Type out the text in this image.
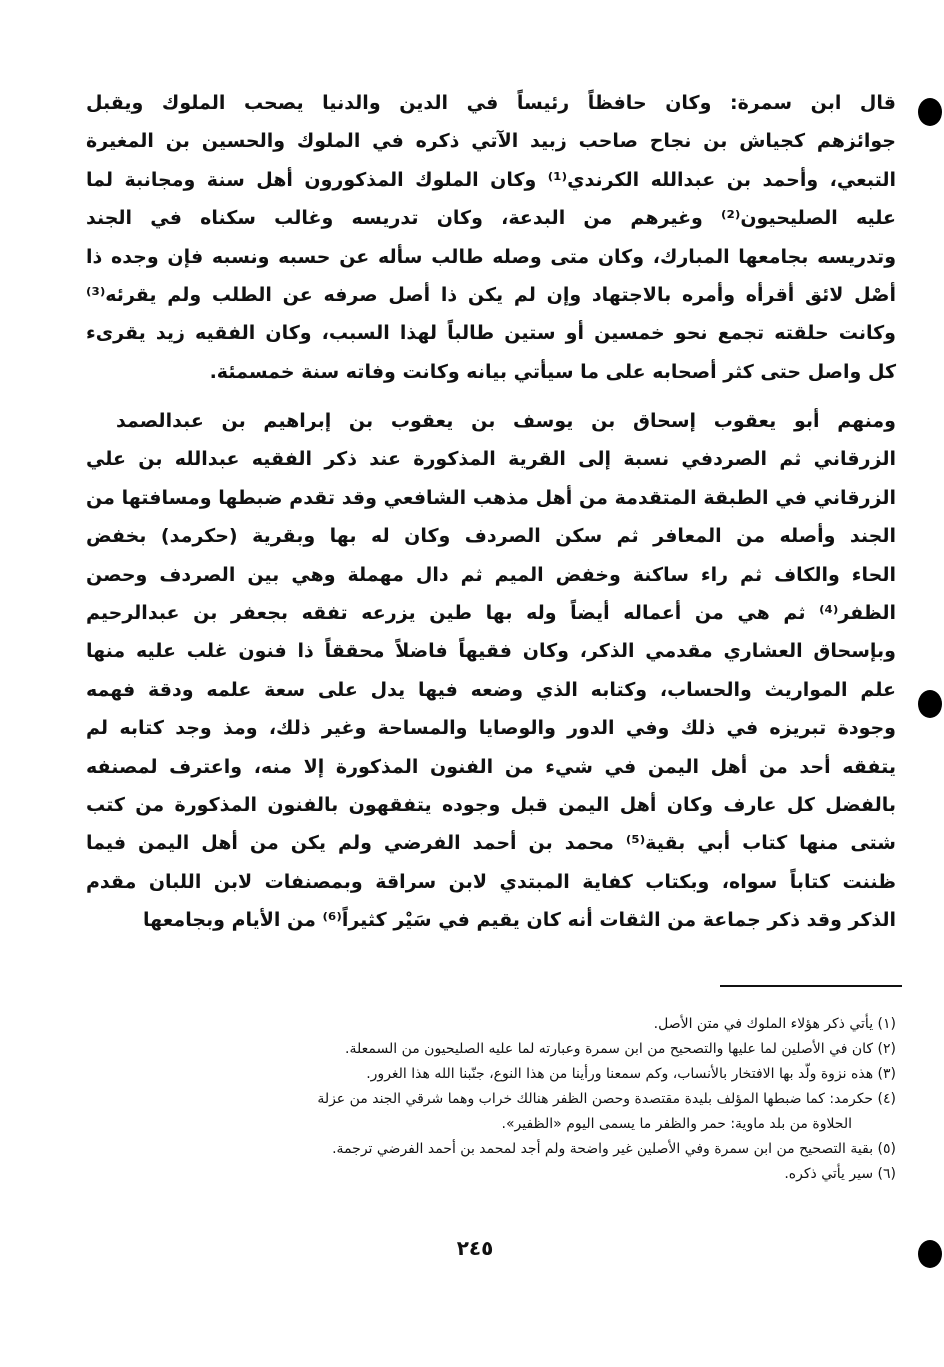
قال ابن سمرة: وكان حافظاً رئيساً في الدين والدنيا يصحب الملوك ويقبل
جوائزهم كجياش بن نجاح صاحب زبيد الآتي ذكره في الملوك والحسين بن المغيرة
التبعي، وأحمد بن عبدالله الكرندي⁽¹⁾ وكان الملوك المذكورون أهل سنة ومجانبة لما
عليه الصليحيون⁽²⁾ وغيرهم من البدعة، وكان تدريسه وغالب سكناه في الجند
وتدريسه بجامعها المبارك، وكان متى وصله طالب سأله عن حسبه ونسبه فإن وجده ذا
أصْل لائق أقرأه وأمره بالاجتهاد وإن لم يكن ذا أصل صرفه عن الطلب ولم يقرئه⁽³⁾
وكانت حلقته تجمع نحو خمسين أو ستين طالباً لهذا السبب، وكان الفقيه زيد يقرىء
كل واصل حتى كثر أصحابه على ما سيأتي بيانه وكانت وفاته سنة خمسمئة.
ومنهم أبو يعقوب إسحاق بن يوسف بن يعقوب بن إبراهيم بن عبدالصمد
الزرقاني ثم الصردفي نسبة إلى القرية المذكورة عند ذكر الفقيه عبدالله بن علي
الزرقاني في الطبقة المتقدمة من أهل مذهب الشافعي وقد تقدم ضبطها ومسافتها من
الجند وأصله من المعافر ثم سكن الصردف وكان له بها وبقرية (حكرمد) بخفض
الحاء والكاف ثم راء ساكنة وخفض الميم ثم دال مهملة وهي بين الصردف وحصن
الظفر⁽⁴⁾ ثم هي من أعماله أيضاً وله بها طين يزرعه تفقه بجعفر بن عبدالرحيم
وبإسحاق العشاري مقدمي الذكر، وكان فقيهاً فاضلاً محققاً ذا فنون غلب عليه منها
علم المواريث والحساب، وكتابه الذي وضعه فيها يدل على سعة علمه ودقة فهمه
وجودة تبريزه في ذلك وفي الدور والوصايا والمساحة وغير ذلك، ومذ وجد كتابه لم
يتفقه أحد من أهل اليمن في شيء من الفنون المذكورة إلا منه، واعترف لمصنفه
بالفضل كل عارف وكان أهل اليمن قبل وجوده يتفقهون بالفنون المذكورة من كتب
شتى منها كتاب أبي بقية⁽⁵⁾ محمد بن أحمد الفرضي ولم يكن من أهل اليمن فيما
ظننت كتاباً سواه، وبكتاب كفاية المبتدي لابن سراقة وبمصنفات لابن اللبان مقدم
الذكر وقد ذكر جماعة من الثقات أنه كان يقيم في سَيْر كثيراً⁽⁶⁾ من الأيام وبجامعها
(١) يأتي ذكر هؤلاء الملوك في متن الأصل.
(٢) كان في الأصلين لما عليها والتصحيح من ابن سمرة وعبارته لما عليه الصليحيون من السمعلة.
(٣) هذه نزوة ولّد بها الافتخار بالأنساب، وكم سمعنا ورأينا من هذا النوع، جنّبنا الله هذا الغرور.
(٤) حكرمد: كما ضبطها المؤلف بليدة مقتصدة وحصن الظفر هنالك خراب وهما شرقي الجند من عزلة
الحلاوة من بلد ماوية: حمر والظفر ما يسمى اليوم «الظفير».
(٥) بقية التصحيح من ابن سمرة وفي الأصلين غير واضحة ولم أجد لمحمد بن أحمد الفرضي ترجمة.
(٦) سير يأتي ذكره.
٢٤٥
